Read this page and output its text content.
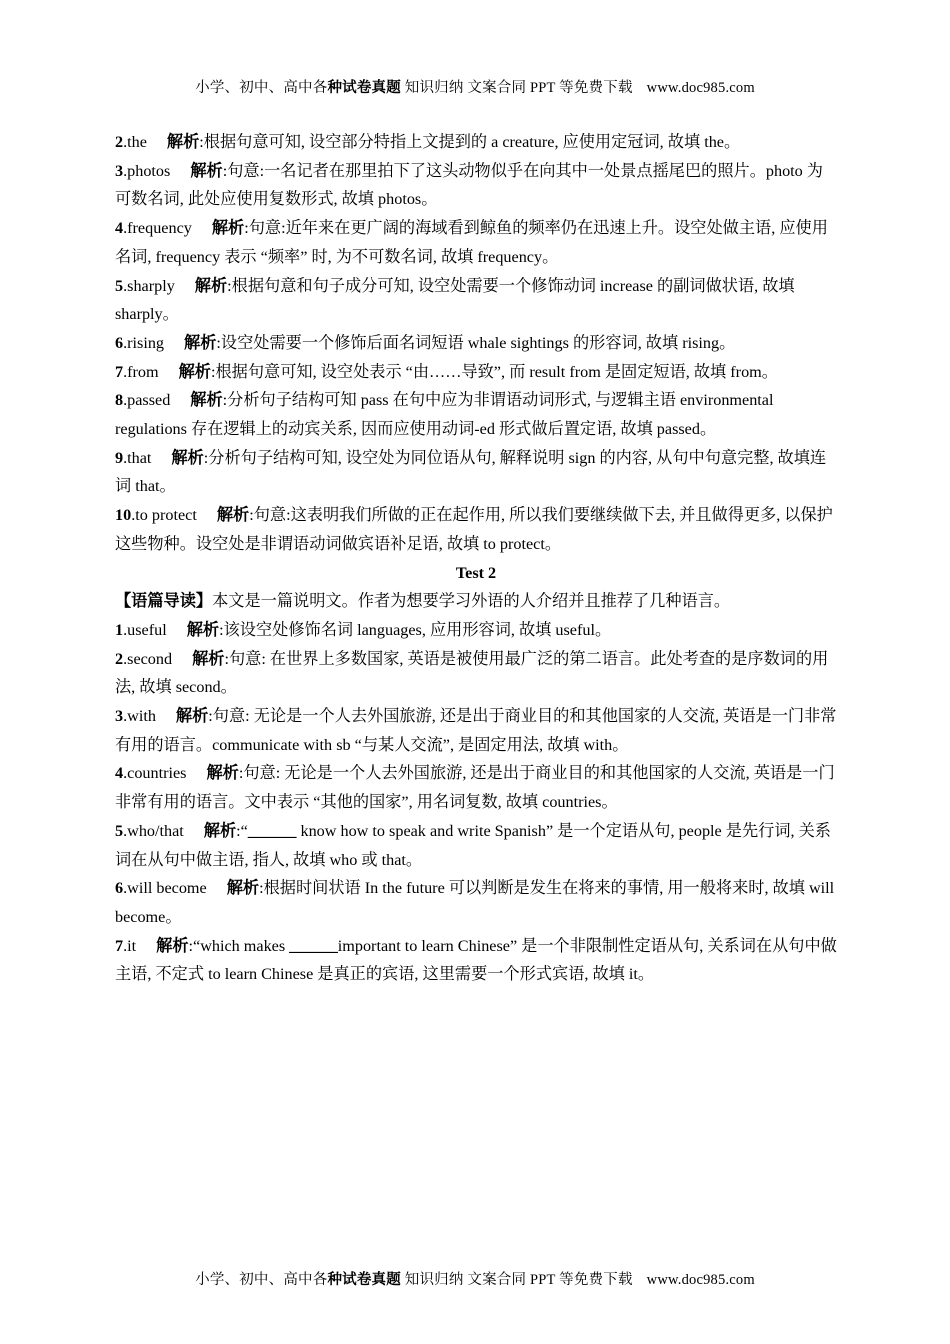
小学、初中、高中各种试卷真题 知识归纳 文案合同 PPT 等免费下载 www.doc985.com

2.the 解析:根据句意可知, 设空部分特指上文提到的 a creature, 应使用定冠词, 故填 the。

3.photos 解析:句意:一名记者在那里拍下了这头动物似乎在向其中一处景点摇尾巴的照片。photo 为可数名词, 此处应使用复数形式, 故填 photos。

4.frequency 解析:句意:近年来在更广阔的海域看到鲸鱼的频率仍在迅速上升。设空处做主语, 应使用名词, frequency 表示 “频率” 时, 为不可数名词, 故填 frequency。

5.sharply 解析:根据句意和句子成分可知, 设空处需要一个修饰动词 increase 的副词做状语, 故填 sharply。

6.rising 解析:设空处需要一个修饰后面名词短语 whale sightings 的形容词, 故填 rising。

7.from 解析:根据句意可知, 设空处表示 “由……导致”, 而 result from 是固定短语, 故填 from。

8.passed 解析:分析句子结构可知 pass 在句中应为非谓语动词形式, 与逻辑主语 environmental regulations 存在逻辑上的动宾关系, 因而应使用动词-ed 形式做后置定语, 故填 passed。

9.that 解析:分析句子结构可知, 设空处为同位语从句, 解释说明 sign 的内容, 从句中句意完整, 故填连词 that。

10.to protect 解析:句意:这表明我们所做的正在起作用, 所以我们要继续做下去, 并且做得更多, 以保护这些物种。设空处是非谓语动词做宾语补足语, 故填 to protect。

Test 2

【语篇导读】本文是一篇说明文。作者为想要学习外语的人介绍并且推荐了几种语言。

1.useful 解析:该设空处修饰名词 languages, 应用形容词, 故填 useful。

2.second 解析:句意: 在世界上多数国家, 英语是被使用最广泛的第二语言。此处考查的是序数词的用法, 故填 second。

3.with 解析:句意: 无论是一个人去外国旅游, 还是出于商业目的和其他国家的人交流, 英语是一门非常有用的语言。communicate with sb “与某人交流”, 是固定用法, 故填 with。

4.countries 解析:句意: 无论是一个人去外国旅游, 还是出于商业目的和其他国家的人交流, 英语是一门非常有用的语言。文中表示 “其他的国家”, 用名词复数, 故填 countries。

5.who/that 解析:“______ know how to speak and write Spanish” 是一个定语从句, people 是先行词, 关系词在从句中做主语, 指人, 故填 who 或 that。

6.will become 解析:根据时间状语 In the future 可以判断是发生在将来的事情, 用一般将来时, 故填 will become。

7.it 解析:“which makes ______important to learn Chinese” 是一个非限制性定语从句, 关系词在从句中做主语, 不定式 to learn Chinese 是真正的宾语, 这里需要一个形式宾语, 故填 it。

小学、初中、高中各种试卷真题 知识归纳 文案合同 PPT 等免费下载 www.doc985.com
